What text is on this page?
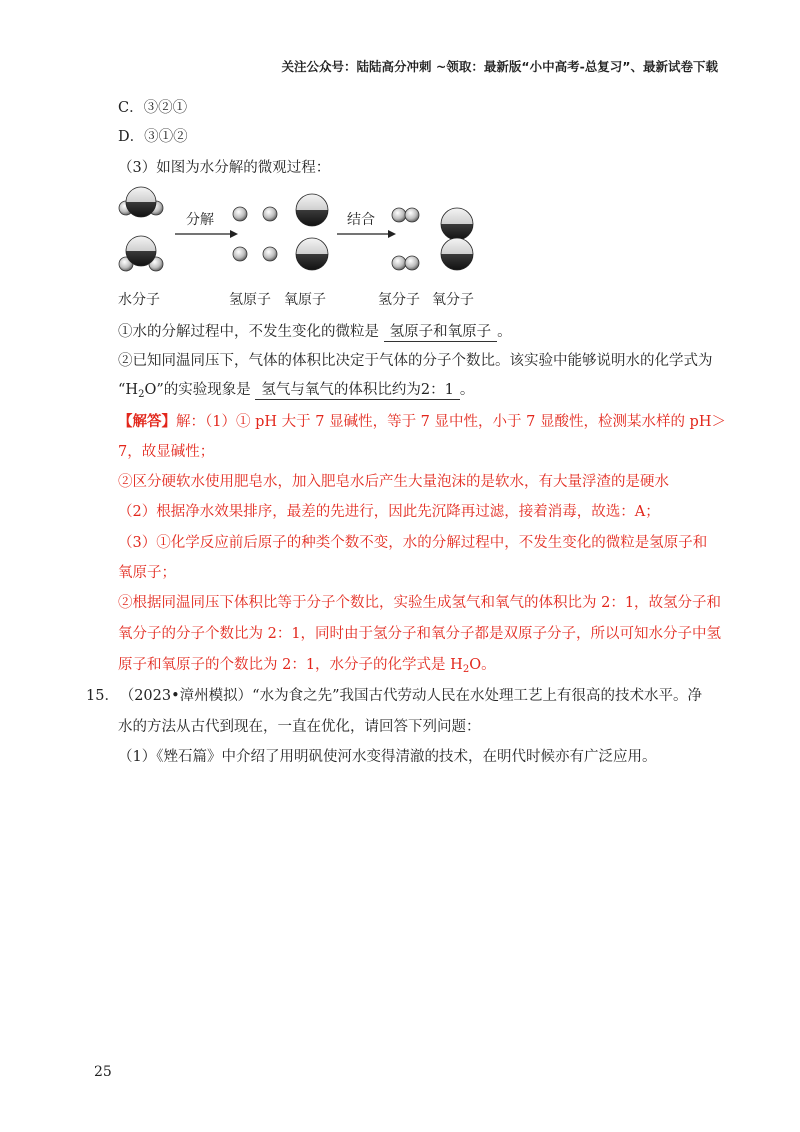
关注公众号：陆陆高分冲刺 ~领取：最新版“小中高考-总复习”、最新试卷下载
C．③②①
D．③①②
（3）如图为水分解的微观过程：
分解	结合
水分子	氢原子 氧原子	氢分子 氧分子
①水的分解过程中，不发生变化的微粒是 氢原子和氧原子 。
②已知同温同压下，气体的体积比决定于气体的分子个数比。该实验中能够说明水的化学式为
“$H_2O$”的实验现象是 氢气与氧气的体积比约为2：1 。
【解答】解：（1）① pH 大于 7 显碱性，等于 7 显中性，小于 7 显酸性，检测某水样的 pH＞
7，故显碱性；
②区分硬软水使用肥皂水，加入肥皂水后产生大量泡沫的是软水，有大量浮渣的是硬水
（2）根据净水效果排序，最差的先进行，因此先沉降再过滤，接着消毒，故选：A；
（3）①化学反应前后原子的种类个数不变，水的分解过程中，不发生变化的微粒是氢原子和
氧原子；
②根据同温同压下体积比等于分子个数比，实验生成氢气和氧气的体积比为 2：1，故氢分子和
氧分子的分子个数比为 2：1，同时由于氢分子和氧分子都是双原子分子，所以可知水分子中氢
原子和氧原子的个数比为 2：1，水分子的化学式是 $H_2O$。
15． （2023•漳州模拟）“水为食之先”我国古代劳动人民在水处理工艺上有很高的技术水平。净
水的方法从古代到现在，一直在优化，请回答下列问题：
（1）《矬石篇》中介绍了用明矾使河水变得清澈的技术，在明代时候亦有广泛应用。
25
